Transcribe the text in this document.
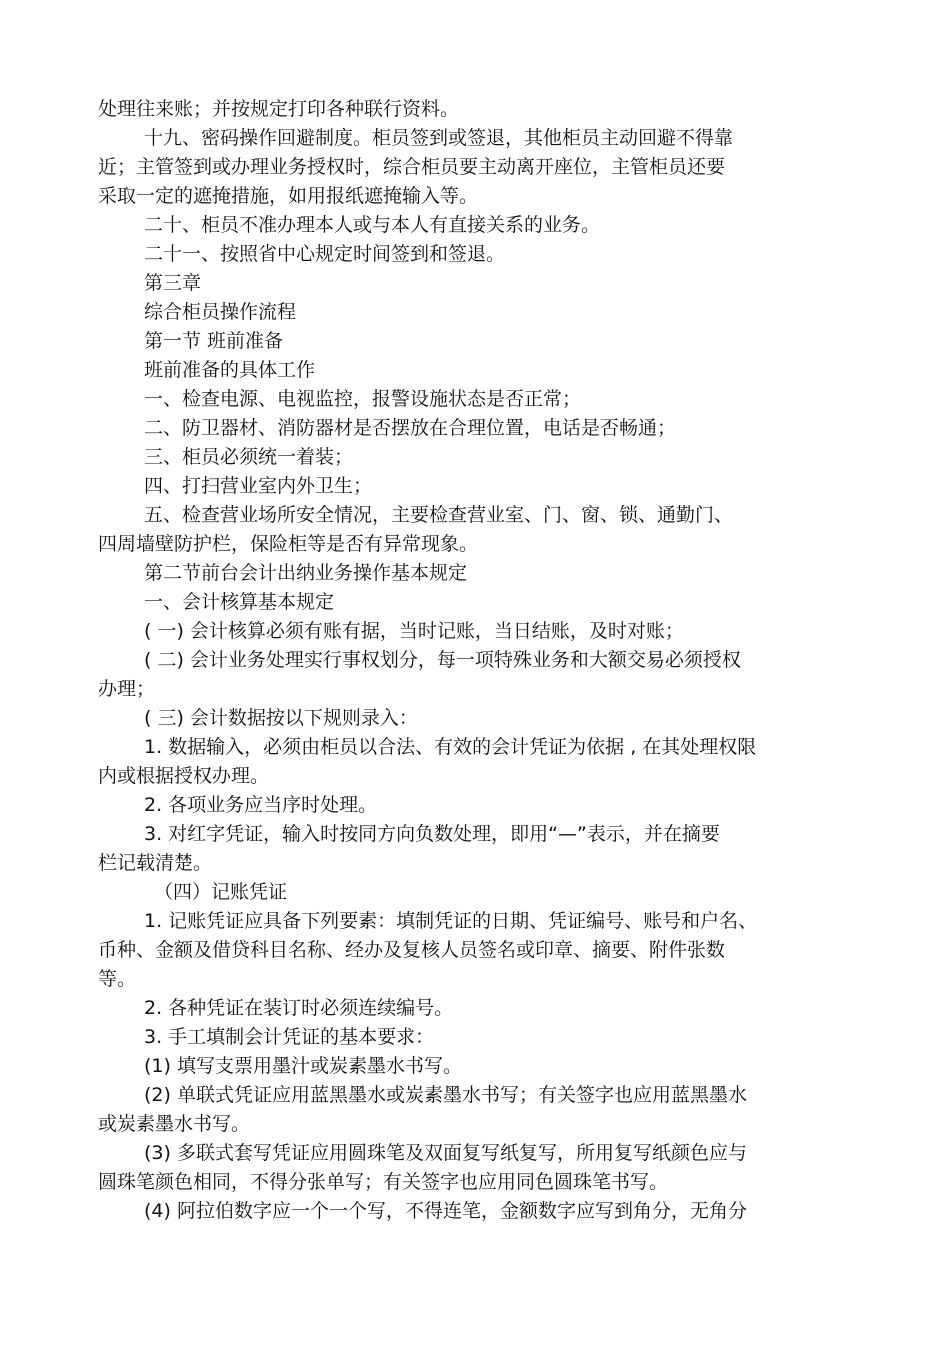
处理往来账；并按规定打印各种联行资料。
十九、密码操作回避制度。柜员签到或签退，其他柜员主动回避不得靠
近；主管签到或办理业务授权时，综合柜员要主动离开座位，主管柜员还要
采取一定的遮掩措施，如用报纸遮掩输入等。
二十、柜员不准办理本人或与本人有直接关系的业务。
二十一、按照省中心规定时间签到和签退。
第三章
综合柜员操作流程
第一节 班前准备
班前准备的具体工作
一、检查电源、电视监控，报警设施状态是否正常；
二、防卫器材、消防器材是否摆放在合理位置，电话是否畅通；
三、柜员必须统一着装；
四、打扫营业室内外卫生；
五、检查营业场所安全情况，主要检查营业室、门、窗、锁、通勤门、
四周墙壁防护栏，保险柜等是否有异常现象。
第二节前台会计出纳业务操作基本规定
一、会计核算基本规定
( 一) 会计核算必须有账有据，当时记账，当日结账，及时对账；
( 二) 会计业务处理实行事权划分，每一项特殊业务和大额交易必须授权
办理；
( 三) 会计数据按以下规则录入：
1. 数据输入，必须由柜员以合法、有效的会计凭证为依据 , 在其处理权限
内或根据授权办理。
2. 各项业务应当序时处理。
3. 对红字凭证，输入时按同方向负数处理，即用“—”表示，并在摘要
栏记载清楚。
（四）记账凭证
1. 记账凭证应具备下列要素：填制凭证的日期、凭证编号、账号和户名、
币种、金额及借贷科目名称、经办及复核人员签名或印章、摘要、附件张数
等。
2. 各种凭证在装订时必须连续编号。
3. 手工填制会计凭证的基本要求：
(1) 填写支票用墨汁或炭素墨水书写。
(2) 单联式凭证应用蓝黑墨水或炭素墨水书写；有关签字也应用蓝黑墨水
或炭素墨水书写。
(3) 多联式套写凭证应用圆珠笔及双面复写纸复写，所用复写纸颜色应与
圆珠笔颜色相同，不得分张单写；有关签字也应用同色圆珠笔书写。
(4) 阿拉伯数字应一个一个写，不得连笔，金额数字应写到角分，无角分
